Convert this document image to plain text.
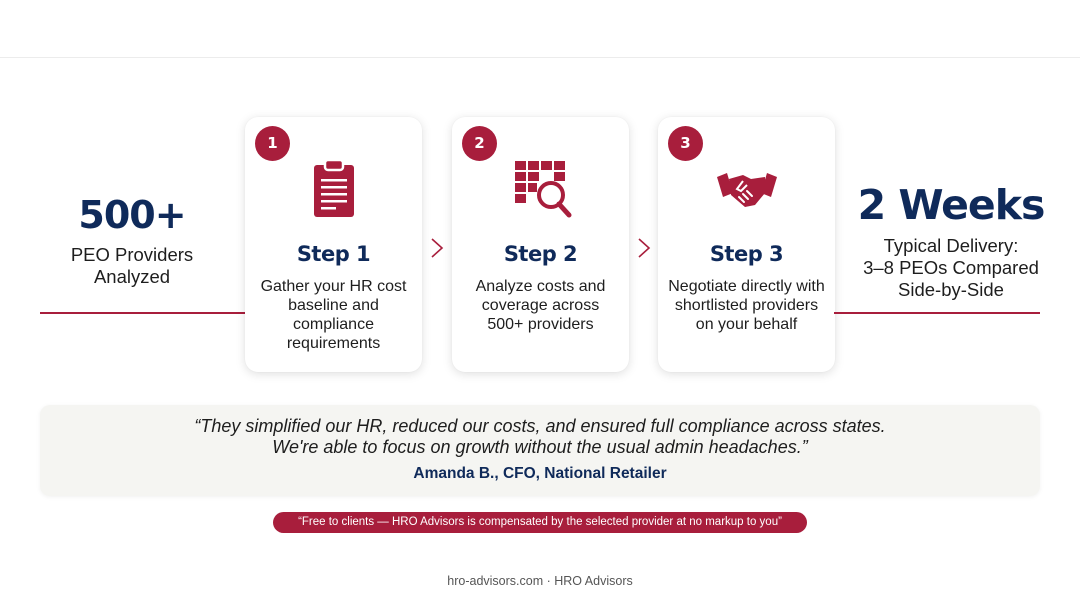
500+
PEO Providers
Analyzed
1
Step 1
Gather your HR cost baseline and compliance requirements
2
Step 2
Analyze costs and coverage across 500+ providers
3
Step 3
Negotiate directly with shortlisted providers on your behalf
2 Weeks
Typical Delivery:
3–8 PEOs Compared
Side-by-Side
“They simplified our HR, reduced our costs, and ensured full compliance across states.
We're able to focus on growth without the usual admin headaches.”
Amanda B., CFO, National Retailer
“Free to clients — HRO Advisors is compensated by the selected provider at no markup to you”
hro-advisors.com · HRO Advisors
